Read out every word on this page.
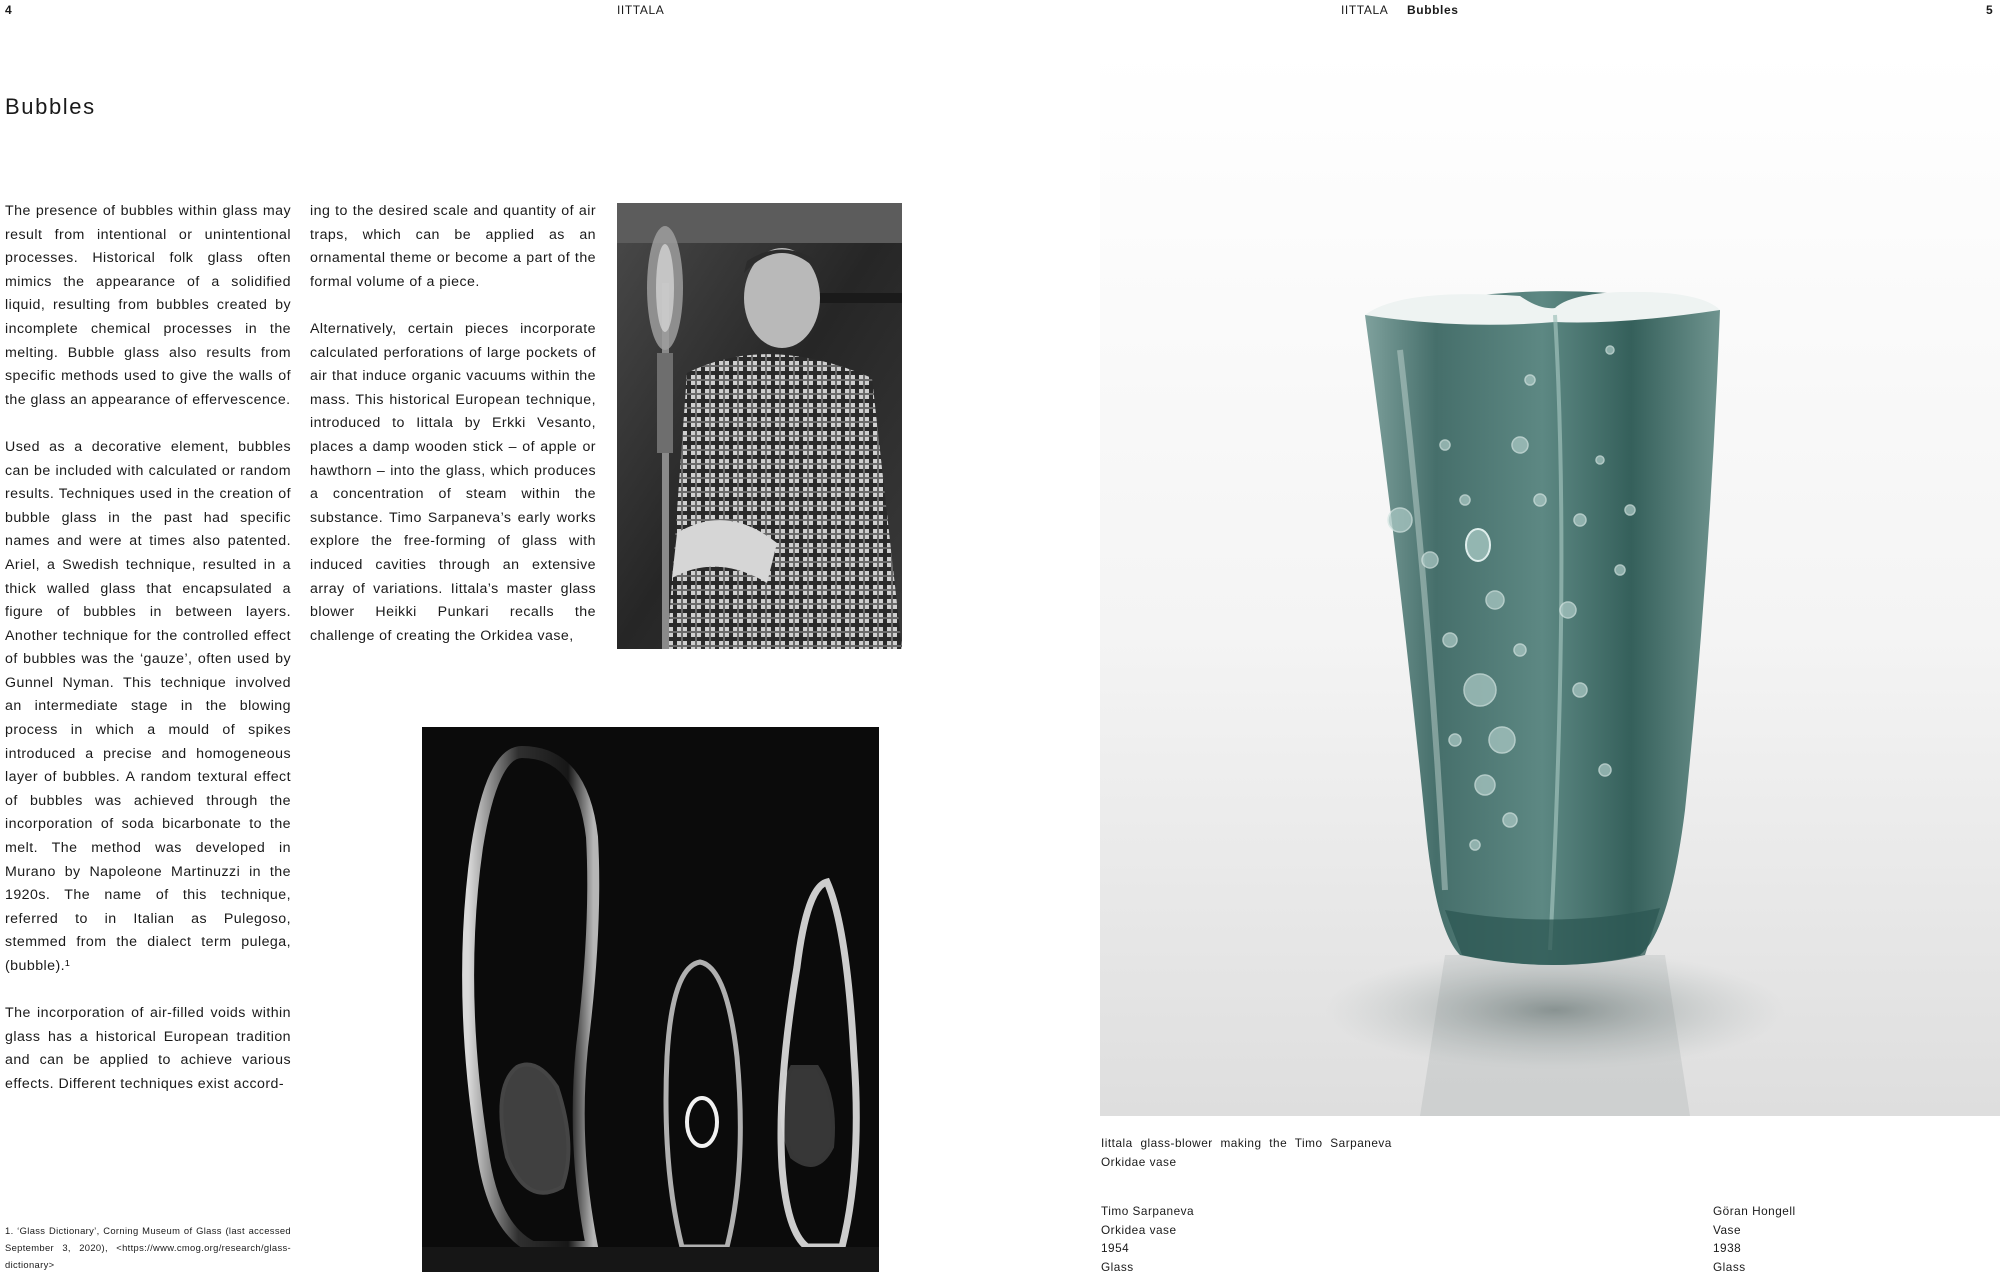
4	IITTALA	IITTALA Bubbles	5
Bubbles

The presence of bubbles within glass may result from intentional or unintentional processes. Historical folk glass often mimics the appearance of a solidified liquid, resulting from bubbles created by incomplete chemical processes in the melting. Bubble glass also results from specific methods used to give the walls of the glass an appearance of effervescence.

Used as a decorative element, bubbles can be included with calculated or random results. Techniques used in the creation of bubble glass in the past had specific names and were at times also patented. Ariel, a Swedish technique, resulted in a thick walled glass that encapsulated a figure of bubbles in between layers. Another technique for the controlled effect of bubbles was the ‘gauze’, often used by Gunnel Nyman. This technique involved an intermediate stage in the blowing process in which a mould of spikes introduced a precise and homogeneous layer of bubbles. A random textural effect of bubbles was achieved through the incorporation of soda bicarbonate to the melt. The method was developed in Murano by Napoleone Martinuzzi in the 1920s. The name of this technique, referred to in Italian as Pulegoso, stemmed from the dialect term pulega, (bubble).¹

The incorporation of air-filled voids within glass has a historical European tradition and can be applied to achieve various effects. Different techniques exist accord-

ing to the desired scale and quantity of air traps, which can be applied as an ornamental theme or become a part of the formal volume of a piece.

Alternatively, certain pieces incorporate calculated perforations of large pockets of air that induce organic vacuums within the mass. This historical European technique, introduced to Iittala by Erkki Vesanto, places a damp wooden stick – of apple or hawthorn – into the glass, which produces a concentration of steam within the substance. Timo Sarpaneva’s early works explore the free-forming of glass with induced cavities through an extensive array of variations. Iittala’s master glass blower Heikki Punkari recalls the challenge of creating the Orkidea vase,

1. ‘Glass Dictionary’, Corning Museum of Glass (last accessed September 3, 2020), <https://www.cmog.org/research/glass-dictionary>
Iittala glass-blower making the Timo Sarpaneva
Orkidae vase
Timo Sarpaneva
Orkidea vase
1954
Glass
Göran Hongell
Vase
1938
Glass
